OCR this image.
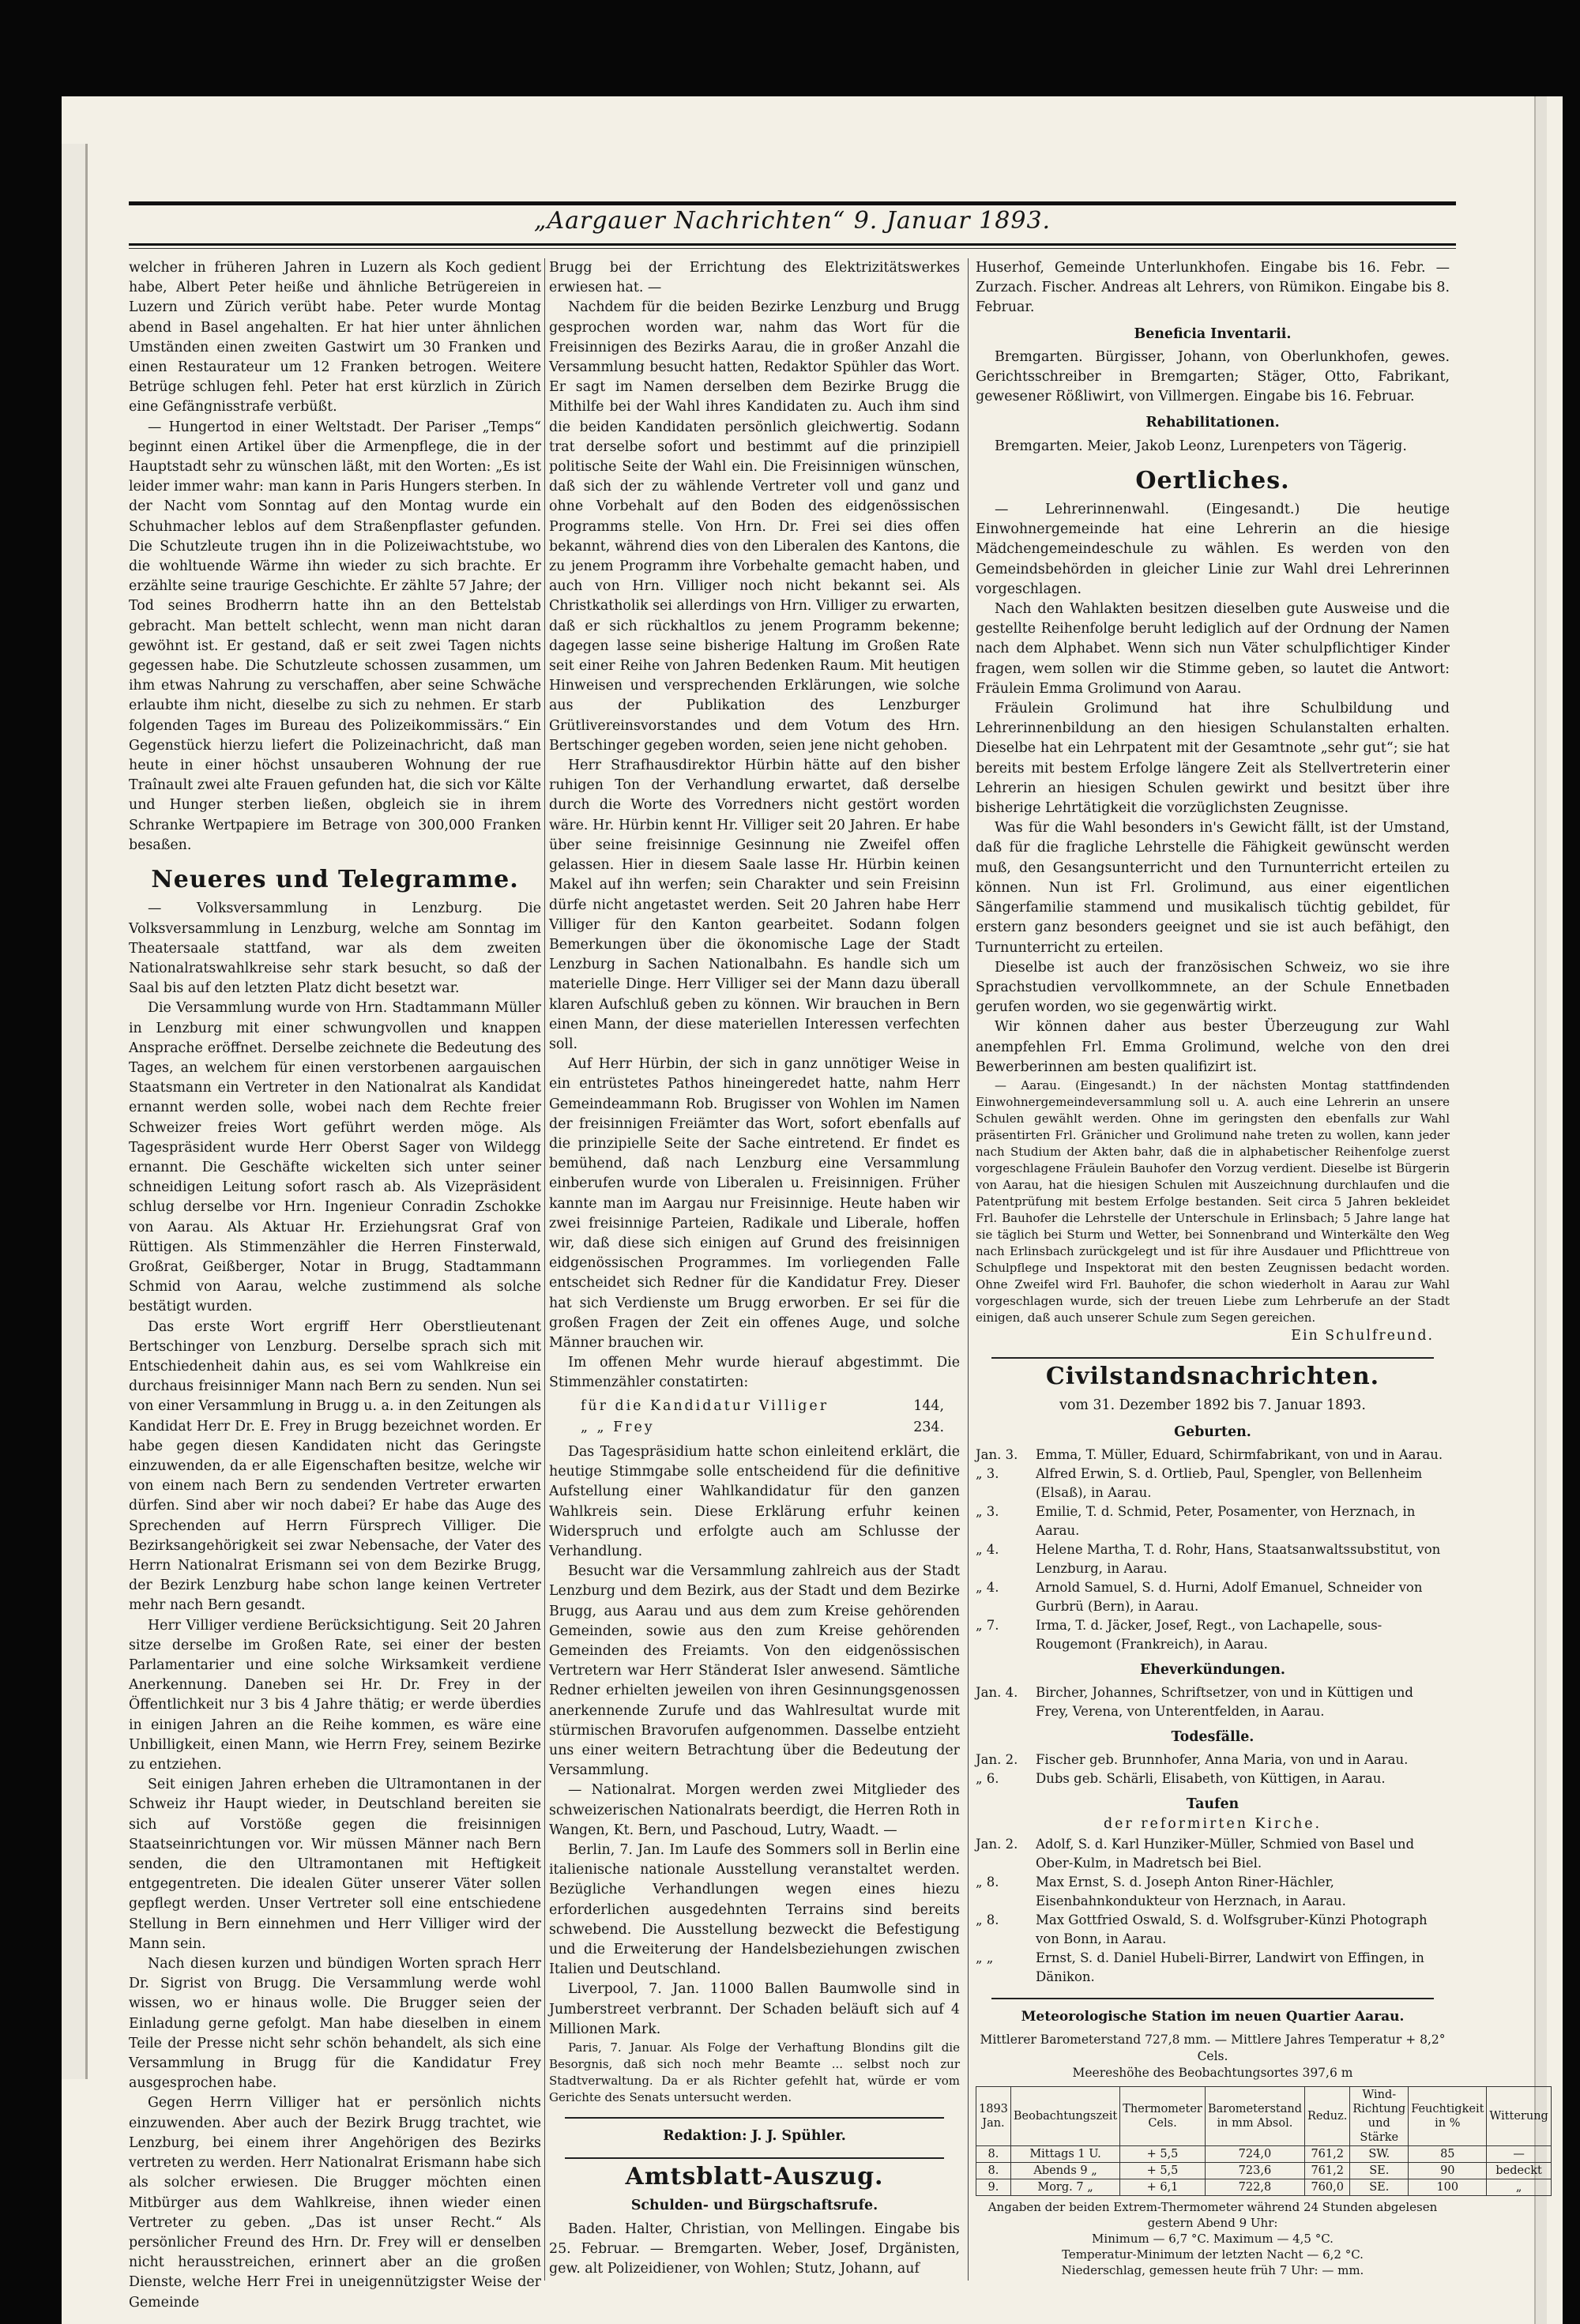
„Aargauer Nachrichten“ 9. Januar 1893.

welcher in früheren Jahren in Luzern als Koch gedient habe, Albert Peter heiße und ähnliche Betrügereien in Luzern und Zürich verübt habe. Peter wurde Montag abend in Basel angehalten. Er hat hier unter ähnlichen Umständen einen zweiten Gastwirt um 30 Franken und einen Restaurateur um 12 Franken betrogen. Weitere Betrüge schlugen fehl. Peter hat erst kürzlich in Zürich eine Gefängnisstrafe verbüßt.

— Hungertod in einer Weltstadt. Der Pariser „Temps“ beginnt einen Artikel über die Armenpflege, die in der Hauptstadt sehr zu wünschen läßt, mit den Worten: „Es ist leider immer wahr: man kann in Paris Hungers sterben. In der Nacht vom Sonntag auf den Montag wurde ein Schuhmacher leblos auf dem Straßenpflaster gefunden. Die Schutzleute trugen ihn in die Polizeiwachtstube, wo die wohltuende Wärme ihn wieder zu sich brachte. Er erzählte seine traurige Geschichte. Er zählte 57 Jahre; der Tod seines Brodherrn hatte ihn an den Bettelstab gebracht. Man bettelt schlecht, wenn man nicht daran gewöhnt ist. Er gestand, daß er seit zwei Tagen nichts gegessen habe. Die Schutzleute schossen zusammen, um ihm etwas Nahrung zu verschaffen, aber seine Schwäche erlaubte ihm nicht, dieselbe zu sich zu nehmen. Er starb folgenden Tages im Bureau des Polizeikommissärs.“ Ein Gegenstück hierzu liefert die Polizeinachricht, daß man heute in einer höchst unsauberen Wohnung der rue Traînault zwei alte Frauen gefunden hat, die sich vor Kälte und Hunger sterben ließen, obgleich sie in ihrem Schranke Wertpapiere im Betrage von 300,000 Franken besaßen.

Neueres und Telegramme.

— Volksversammlung in Lenzburg. Die Volksversammlung in Lenzburg, welche am Sonntag im Theatersaale stattfand, war als dem zweiten Nationalratswahlkreise sehr stark besucht, so daß der Saal bis auf den letzten Platz dicht besetzt war.

Die Versammlung wurde von Hrn. Stadtammann Müller in Lenzburg mit einer schwungvollen und knappen Ansprache eröffnet. Derselbe zeichnete die Bedeutung des Tages, an welchem für einen verstorbenen aargauischen Staatsmann ein Vertreter in den Nationalrat als Kandidat ernannt werden solle, wobei nach dem Rechte freier Schweizer freies Wort geführt werden möge. Als Tagespräsident wurde Herr Oberst Sager von Wildegg ernannt. Die Geschäfte wickelten sich unter seiner schneidigen Leitung sofort rasch ab. Als Vizepräsident schlug derselbe vor Hrn. Ingenieur Conradin Zschokke von Aarau. Als Aktuar Hr. Erziehungsrat Graf von Rüttigen. Als Stimmenzähler die Herren Finsterwald, Großrat, Geißberger, Notar in Brugg, Stadtammann Schmid von Aarau, welche zustimmend als solche bestätigt wurden.

Das erste Wort ergriff Herr Oberstlieutenant Bertschinger von Lenzburg. Derselbe sprach sich mit Entschiedenheit dahin aus, es sei vom Wahlkreise ein durchaus freisinniger Mann nach Bern zu senden. Nun sei von einer Versammlung in Brugg u. a. in den Zeitungen als Kandidat Herr Dr. E. Frey in Brugg bezeichnet worden. Er habe gegen diesen Kandidaten nicht das Geringste einzuwenden, da er alle Eigenschaften besitze, welche wir von einem nach Bern zu sendenden Vertreter erwarten dürfen. Sind aber wir noch dabei? Er habe das Auge des Sprechenden auf Herrn Fürsprech Villiger. Die Bezirksangehörigkeit sei zwar Nebensache, der Vater des Herrn Nationalrat Erismann sei von dem Bezirke Brugg, der Bezirk Lenzburg habe schon lange keinen Vertreter mehr nach Bern gesandt.

Herr Villiger verdiene Berücksichtigung. Seit 20 Jahren sitze derselbe im Großen Rate, sei einer der besten Parlamentarier und eine solche Wirksamkeit verdiene Anerkennung. Daneben sei Hr. Dr. Frey in der Öffentlichkeit nur 3 bis 4 Jahre thätig; er werde überdies in einigen Jahren an die Reihe kommen, es wäre eine Unbilligkeit, einen Mann, wie Herrn Frey, seinem Bezirke zu entziehen.

Seit einigen Jahren erheben die Ultramontanen in der Schweiz ihr Haupt wieder, in Deutschland bereiten sie sich auf Vorstöße gegen die freisinnigen Staatseinrichtungen vor. Wir müssen Männer nach Bern senden, die den Ultramontanen mit Heftigkeit entgegentreten. Die idealen Güter unserer Väter sollen gepflegt werden. Unser Vertreter soll eine entschiedene Stellung in Bern einnehmen und Herr Villiger wird der Mann sein.

Nach diesen kurzen und bündigen Worten sprach Herr Dr. Sigrist von Brugg. Die Versammlung werde wohl wissen, wo er hinaus wolle. Die Brugger seien der Einladung gerne gefolgt. Man habe dieselben in einem Teile der Presse nicht sehr schön behandelt, als sich eine Versammlung in Brugg für die Kandidatur Frey ausgesprochen habe.

Gegen Herrn Villiger hat er persönlich nichts einzuwenden. Aber auch der Bezirk Brugg trachtet, wie Lenzburg, bei einem ihrer Angehörigen des Bezirks vertreten zu werden. Herr Nationalrat Erismann habe sich als solcher erwiesen. Die Brugger möchten einen Mitbürger aus dem Wahlkreise, ihnen wieder einen Vertreter zu geben. „Das ist unser Recht.“ Als persönlicher Freund des Hrn. Dr. Frey will er denselben nicht herausstreichen, erinnert aber an die großen Dienste, welche Herr Frei in uneigennützigster Weise der Gemeinde

Brugg bei der Errichtung des Elektrizitätswerkes erwiesen hat. —

Nachdem für die beiden Bezirke Lenzburg und Brugg gesprochen worden war, nahm das Wort für die Freisinnigen des Bezirks Aarau, die in großer Anzahl die Versammlung besucht hatten, Redaktor Spühler das Wort. Er sagt im Namen derselben dem Bezirke Brugg die Mithilfe bei der Wahl ihres Kandidaten zu. Auch ihm sind die beiden Kandidaten persönlich gleichwertig. Sodann trat derselbe sofort und bestimmt auf die prinzipiell politische Seite der Wahl ein. Die Freisinnigen wünschen, daß sich der zu wählende Vertreter voll und ganz und ohne Vorbehalt auf den Boden des eidgenössischen Programms stelle. Von Hrn. Dr. Frei sei dies offen bekannt, während dies von den Liberalen des Kantons, die zu jenem Programm ihre Vorbehalte gemacht haben, und auch von Hrn. Villiger noch nicht bekannt sei. Als Christkatholik sei allerdings von Hrn. Villiger zu erwarten, daß er sich rückhaltlos zu jenem Programm bekenne; dagegen lasse seine bisherige Haltung im Großen Rate seit einer Reihe von Jahren Bedenken Raum. Mit heutigen Hinweisen und versprechenden Erklärungen, wie solche aus der Publikation des Lenzburger Grütlivereinsvorstandes und dem Votum des Hrn. Bertschinger gegeben worden, seien jene nicht gehoben.

Herr Strafhausdirektor Hürbin hätte auf den bisher ruhigen Ton der Verhandlung erwartet, daß derselbe durch die Worte des Vorredners nicht gestört worden wäre. Hr. Hürbin kennt Hr. Villiger seit 20 Jahren. Er habe über seine freisinnige Gesinnung nie Zweifel offen gelassen. Hier in diesem Saale lasse Hr. Hürbin keinen Makel auf ihn werfen; sein Charakter und sein Freisinn dürfe nicht angetastet werden. Seit 20 Jahren habe Herr Villiger für den Kanton gearbeitet. Sodann folgen Bemerkungen über die ökonomische Lage der Stadt Lenzburg in Sachen Nationalbahn. Es handle sich um materielle Dinge. Herr Villiger sei der Mann dazu überall klaren Aufschluß geben zu können. Wir brauchen in Bern einen Mann, der diese materiellen Interessen verfechten soll.

Auf Herr Hürbin, der sich in ganz unnötiger Weise in ein entrüstetes Pathos hineingeredet hatte, nahm Herr Gemeindeammann Rob. Brugisser von Wohlen im Namen der freisinnigen Freiämter das Wort, sofort ebenfalls auf die prinzipielle Seite der Sache eintretend. Er findet es bemühend, daß nach Lenzburg eine Versammlung einberufen wurde von Liberalen u. Freisinnigen. Früher kannte man im Aargau nur Freisinnige. Heute haben wir zwei freisinnige Parteien, Radikale und Liberale, hoffen wir, daß diese sich einigen auf Grund des freisinnigen eidgenössischen Programmes. Im vorliegenden Falle entscheidet sich Redner für die Kandidatur Frey. Dieser hat sich Verdienste um Brugg erworben. Er sei für die großen Fragen der Zeit ein offenes Auge, und solche Männer brauchen wir.

Im offenen Mehr wurde hierauf abgestimmt. Die Stimmenzähler constatirten:

für die Kandidatur Villiger	144,
„ „ Frey	234.

Das Tagespräsidium hatte schon einleitend erklärt, die heutige Stimmgabe solle entscheidend für die definitive Aufstellung einer Wahlkandidatur für den ganzen Wahlkreis sein. Diese Erklärung erfuhr keinen Widerspruch und erfolgte auch am Schlusse der Verhandlung.

Besucht war die Versammlung zahlreich aus der Stadt Lenzburg und dem Bezirk, aus der Stadt und dem Bezirke Brugg, aus Aarau und aus dem zum Kreise gehörenden Gemeinden, sowie aus den zum Kreise gehörenden Gemeinden des Freiamts. Von den eidgenössischen Vertretern war Herr Ständerat Isler anwesend. Sämtliche Redner erhielten jeweilen von ihren Gesinnungsgenossen anerkennende Zurufe und das Wahlresultat wurde mit stürmischen Bravorufen aufgenommen. Dasselbe entzieht uns einer weitern Betrachtung über die Bedeutung der Versammlung.

— Nationalrat. Morgen werden zwei Mitglieder des schweizerischen Nationalrats beerdigt, die Herren Roth in Wangen, Kt. Bern, und Paschoud, Lutry, Waadt. —

Berlin, 7. Jan. Im Laufe des Sommers soll in Berlin eine italienische nationale Ausstellung veranstaltet werden. Bezügliche Verhandlungen wegen eines hiezu erforderlichen ausgedehnten Terrains sind bereits schwebend. Die Ausstellung bezweckt die Befestigung und die Erweiterung der Handelsbeziehungen zwischen Italien und Deutschland.

Liverpool, 7. Jan. 11000 Ballen Baumwolle sind in Jumberstreet verbrannt. Der Schaden beläuft sich auf 4 Millionen Mark.

Paris, 7. Januar. Als Folge der Verhaftung Blondins gilt die Besorgnis, daß sich noch mehr Beamte ... selbst noch zur Stadtverwaltung. Da er als Richter gefehlt hat, würde er vom Gerichte des Senats untersucht werden.

Redaktion: J. J. Spühler.
Amtsblatt-Auszug.
Schulden- und Bürgschaftsrufe.

Baden. Halter, Christian, von Mellingen. Eingabe bis 25. Februar. — Bremgarten. Weber, Josef, Drgänisten, gew. alt Polizeidiener, von Wohlen; Stutz, Johann, auf

Huserhof, Gemeinde Unterlunkhofen. Eingabe bis 16. Febr. — Zurzach. Fischer. Andreas alt Lehrers, von Rümikon. Eingabe bis 8. Februar.

Beneficia Inventarii.

Bremgarten. Bürgisser, Johann, von Oberlunkhofen, gewes. Gerichtsschreiber in Bremgarten; Stäger, Otto, Fabrikant, gewesener Rößliwirt, von Villmergen. Eingabe bis 16. Februar.

Rehabilitationen.

Bremgarten. Meier, Jakob Leonz, Lurenpeters von Tägerig.

Oertliches.

— Lehrerinnenwahl. (Eingesandt.) Die heutige Einwohnergemeinde hat eine Lehrerin an die hiesige Mädchengemeindeschule zu wählen. Es werden von den Gemeindsbehörden in gleicher Linie zur Wahl drei Lehrerinnen vorgeschlagen.

Nach den Wahlakten besitzen dieselben gute Ausweise und die gestellte Reihenfolge beruht lediglich auf der Ordnung der Namen nach dem Alphabet. Wenn sich nun Väter schulpflichtiger Kinder fragen, wem sollen wir die Stimme geben, so lautet die Antwort: Fräulein Emma Grolimund von Aarau.

Fräulein Grolimund hat ihre Schulbildung und Lehrerinnenbildung an den hiesigen Schulanstalten erhalten. Dieselbe hat ein Lehrpatent mit der Gesamtnote „sehr gut“; sie hat bereits mit bestem Erfolge längere Zeit als Stellvertreterin einer Lehrerin an hiesigen Schulen gewirkt und besitzt über ihre bisherige Lehrtätigkeit die vorzüglichsten Zeugnisse.

Was für die Wahl besonders in's Gewicht fällt, ist der Umstand, daß für die fragliche Lehrstelle die Fähigkeit gewünscht werden muß, den Gesangsunterricht und den Turnunterricht erteilen zu können. Nun ist Frl. Grolimund, aus einer eigentlichen Sängerfamilie stammend und musikalisch tüchtig gebildet, für erstern ganz besonders geeignet und sie ist auch befähigt, den Turnunterricht zu erteilen.

Dieselbe ist auch der französischen Schweiz, wo sie ihre Sprachstudien vervollkommnete, an der Schule Ennetbaden gerufen worden, wo sie gegenwärtig wirkt.

Wir können daher aus bester Überzeugung zur Wahl anempfehlen Frl. Emma Grolimund, welche von den drei Bewerberinnen am besten qualifizirt ist.

— Aarau. (Eingesandt.) In der nächsten Montag stattfindenden Einwohnergemeindeversammlung soll u. A. auch eine Lehrerin an unsere Schulen gewählt werden. Ohne im geringsten den ebenfalls zur Wahl präsentirten Frl. Gränicher und Grolimund nahe treten zu wollen, kann jeder nach Studium der Akten bahr, daß die in alphabetischer Reihenfolge zuerst vorgeschlagene Fräulein Bauhofer den Vorzug verdient. Dieselbe ist Bürgerin von Aarau, hat die hiesigen Schulen mit Auszeichnung durchlaufen und die Patentprüfung mit bestem Erfolge bestanden. Seit circa 5 Jahren bekleidet Frl. Bauhofer die Lehrstelle der Unterschule in Erlinsbach; 5 Jahre lange hat sie täglich bei Sturm und Wetter, bei Sonnenbrand und Winterkälte den Weg nach Erlinsbach zurückgelegt und ist für ihre Ausdauer und Pflichttreue von Schulpflege und Inspektorat mit den besten Zeugnissen bedacht worden. Ohne Zweifel wird Frl. Bauhofer, die schon wiederholt in Aarau zur Wahl vorgeschlagen wurde, sich der treuen Liebe zum Lehrberufe an der Stadt einigen, daß auch unserer Schule zum Segen gereichen.

Ein Schulfreund.
Civilstandsnachrichten.
vom 31. Dezember 1892 bis 7. Januar 1893.
Geburten.
Jan. 3.	Emma, T. Müller, Eduard, Schirmfabrikant, von und in Aarau.
„ 3.	Alfred Erwin, S. d. Ortlieb, Paul, Spengler, von Bellenheim (Elsaß), in Aarau.
„ 3.	Emilie, T. d. Schmid, Peter, Posamenter, von Herznach, in Aarau.
„ 4.	Helene Martha, T. d. Rohr, Hans, Staatsanwaltssubstitut, von Lenzburg, in Aarau.
„ 4.	Arnold Samuel, S. d. Hurni, Adolf Emanuel, Schneider von Gurbrü (Bern), in Aarau.
„ 7.	Irma, T. d. Jäcker, Josef, Regt., von Lachapelle, sous-Rougemont (Frankreich), in Aarau.
Eheverkündungen.
Jan. 4.	Bircher, Johannes, Schriftsetzer, von und in Küttigen und Frey, Verena, von Unterentfelden, in Aarau.
Todesfälle.
Jan. 2.	Fischer geb. Brunnhofer, Anna Maria, von und in Aarau.
„ 6.	Dubs geb. Schärli, Elisabeth, von Küttigen, in Aarau.
Taufen
der reformirten Kirche.
Jan. 2.	Adolf, S. d. Karl Hunziker-Müller, Schmied von Basel und Ober-Kulm, in Madretsch bei Biel.
„ 8.	Max Ernst, S. d. Joseph Anton Riner-Hächler, Eisenbahnkondukteur von Herznach, in Aarau.
„ 8.	Max Gottfried Oswald, S. d. Wolfsgruber-Künzi Photograph von Bonn, in Aarau.
„ „	Ernst, S. d. Daniel Hubeli-Birrer, Landwirt von Effingen, in Dänikon.
Meteorologische Station im neuen Quartier Aarau.
Mittlerer Barometerstand 727,8 mm. — Mittlere Jahres Temperatur + 8,2° Cels.
Meereshöhe des Beobachtungsortes 397,6 m
1893 Jan.	Beobachtungszeit	Thermometer Cels.	Barometerstand in mm Absol.	Reduz.	Wind-Richtung und Stärke	Feuchtigkeit in %	Witterung
8.	Mittags 1 U.	+ 5,5	724,0	761,2	SW.	85	—
8.	Abends 9 „	+ 5,5	723,6	761,2	SE.	90	bedeckt
9.	Morg. 7 „	+ 6,1	722,8	760,0	SE.	100	„
Angaben der beiden Extrem-Thermometer während 24 Stunden abgelesen gestern Abend 9 Uhr:
Minimum — 6,7 °C. Maximum — 4,5 °C.
Temperatur-Minimum der letzten Nacht — 6,2 °C.
Niederschlag, gemessen heute früh 7 Uhr: — mm.
